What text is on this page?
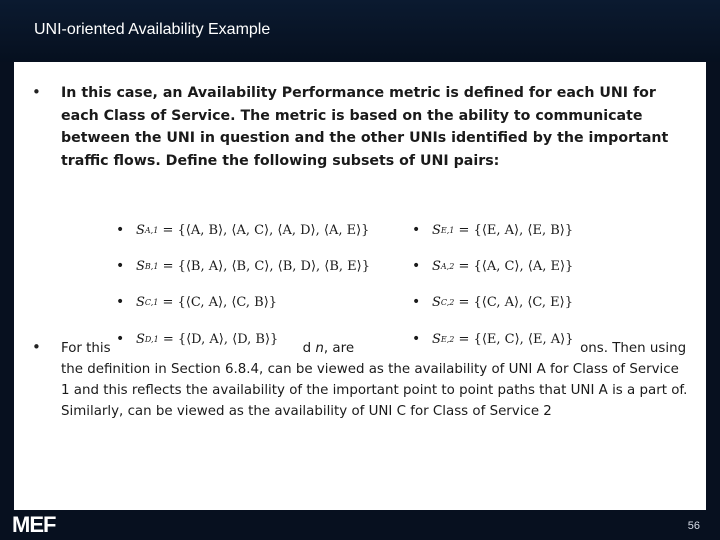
UNI-oriented Availability Example
• In this case, an Availability Performance metric is defined for each UNI for each Class of Service. The metric is based on the ability to communicate between the UNI in question and the other UNIs identified by the important traffic flows. Define the following subsets of UNI pairs:
• For this	d n, are	ons. Then using the definition in Section 6.8.4, can be viewed as the availability of UNI A for Class of Service 1 and this reflects the availability of the important point to point paths that UNI A is a part of. Similarly, can be viewed as the availability of UNI C for Class of Service 2
• S A,1
= {⟨A, B⟩, ⟨A, C⟩, ⟨A, D⟩, ⟨A, E⟩}
• S B,1
= {⟨B, A⟩, ⟨B, C⟩, ⟨B, D⟩, ⟨B, E⟩}
• S C,1
= {⟨C, A⟩, ⟨C, B⟩}
• S D,1
= {⟨D, A⟩, ⟨D, B⟩}
• S E,1
= {⟨E, A⟩, ⟨E, B⟩}
• S A,2
= {⟨A, C⟩, ⟨A, E⟩}
• S C,2
= {⟨C, A⟩, ⟨C, E⟩}
• S E,2
= {⟨E, C⟩, ⟨E, A⟩}
MEF	56
